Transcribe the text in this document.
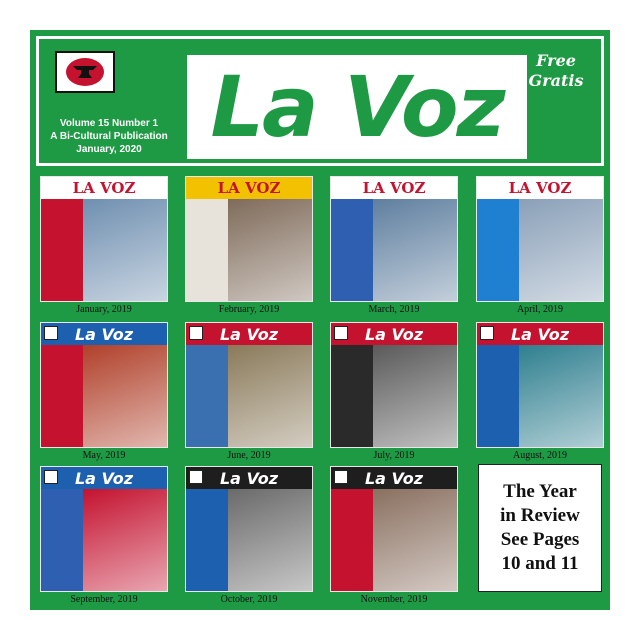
Volume 15 Number 1
A Bi-Cultural Publication
January, 2020 La Voz	Free
Gratis
LA VOZ
January, 2019
LA VOZ
February, 2019
LA VOZ
March, 2019
LA VOZ
April, 2019
La Voz
May, 2019
La Voz
June, 2019
La Voz
July, 2019
La Voz
August, 2019
La Voz
September, 2019
La Voz
October, 2019
La Voz
November, 2019
The Year
in Review
See Pages
10 and 11
